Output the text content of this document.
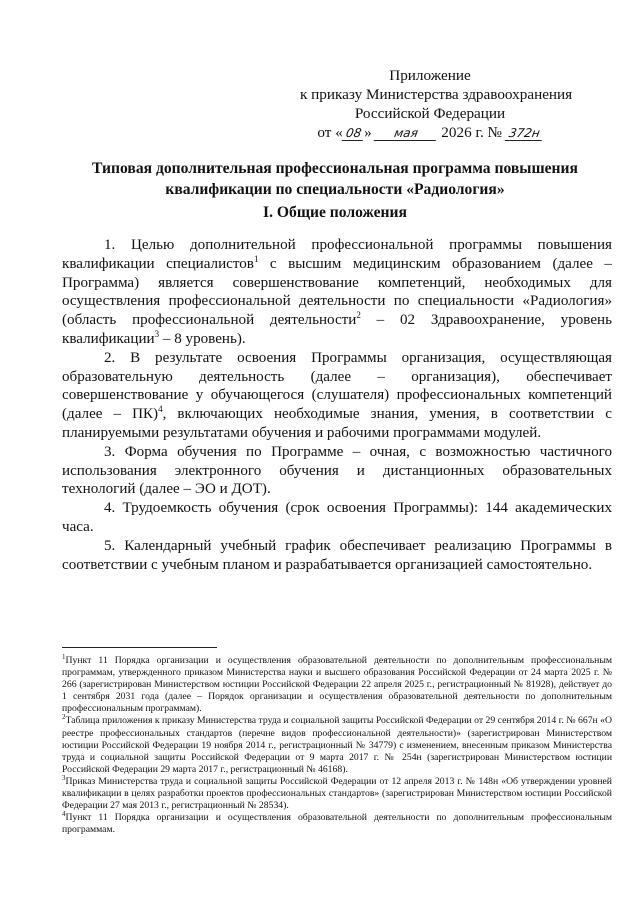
Приложение
к приказу Министерства здравоохранения
Российской Федерации
от « 08 » мая 2026 г. № 372н
Типовая дополнительная профессиональная программа повышения
квалификации по специальности «Радиология»
I. Общие положения

1. Целью дополнительной профессиональной программы повышения квалификации специалистов$^1$ с высшим медицинским образованием (далее – Программа) является совершенствование компетенций, необходимых для осуществления профессиональной деятельности по специальности «Радиология» (область профессиональной деятельности$^2$ – 02 Здравоохранение, уровень квалификации$^3$ – 8 уровень).

2. В результате освоения Программы организация, осуществляющая образовательную деятельность (далее – организация), обеспечивает совершенствование у обучающегося (слушателя) профессиональных компетенций (далее – ПК)$^4$, включающих необходимые знания, умения, в соответствии с планируемыми результатами обучения и рабочими программами модулей.

3. Форма обучения по Программе – очная, с возможностью частичного использования электронного обучения и дистанционных образовательных технологий (далее – ЭО и ДОТ).

4. Трудоемкость обучения (срок освоения Программы): 144 академических часа.

5. Календарный учебный график обеспечивает реализацию Программы в соответствии с учебным планом и разрабатывается организацией самостоятельно.

$^1$Пункт 11 Порядка организации и осуществления образовательной деятельности по дополнительным профессиональным программам, утвержденного приказом Министерства науки и высшего образования Российской Федерации от 24 марта 2025 г. № 266 (зарегистрирован Министерством юстиции Российской Федерации 22 апреля 2025 г., регистрационный № 81928), действует до 1 сентября 2031 года (далее – Порядок организации и осуществления образовательной деятельности по дополнительным профессиональным программам).

$^2$Таблица приложения к приказу Министерства труда и социальной защиты Российской Федерации от 29 сентября 2014 г. № 667н «О реестре профессиональных стандартов (перечне видов профессиональной деятельности)» (зарегистрирован Министерством юстиции Российской Федерации 19 ноября 2014 г., регистрационный № 34779) с изменением, внесенным приказом Министерства труда и социальной защиты Российской Федерации от 9 марта 2017 г. № 254н (зарегистрирован Министерством юстиции Российской Федерации 29 марта 2017 г., регистрационный № 46168).

$^3$Приказ Министерства труда и социальной защиты Российской Федерации от 12 апреля 2013 г. № 148н «Об утверждении уровней квалификации в целях разработки проектов профессиональных стандартов» (зарегистрирован Министерством юстиции Российской Федерации 27 мая 2013 г., регистрационный № 28534).

$^4$Пункт 11 Порядка организации и осуществления образовательной деятельности по дополнительным профессиональным программам.
